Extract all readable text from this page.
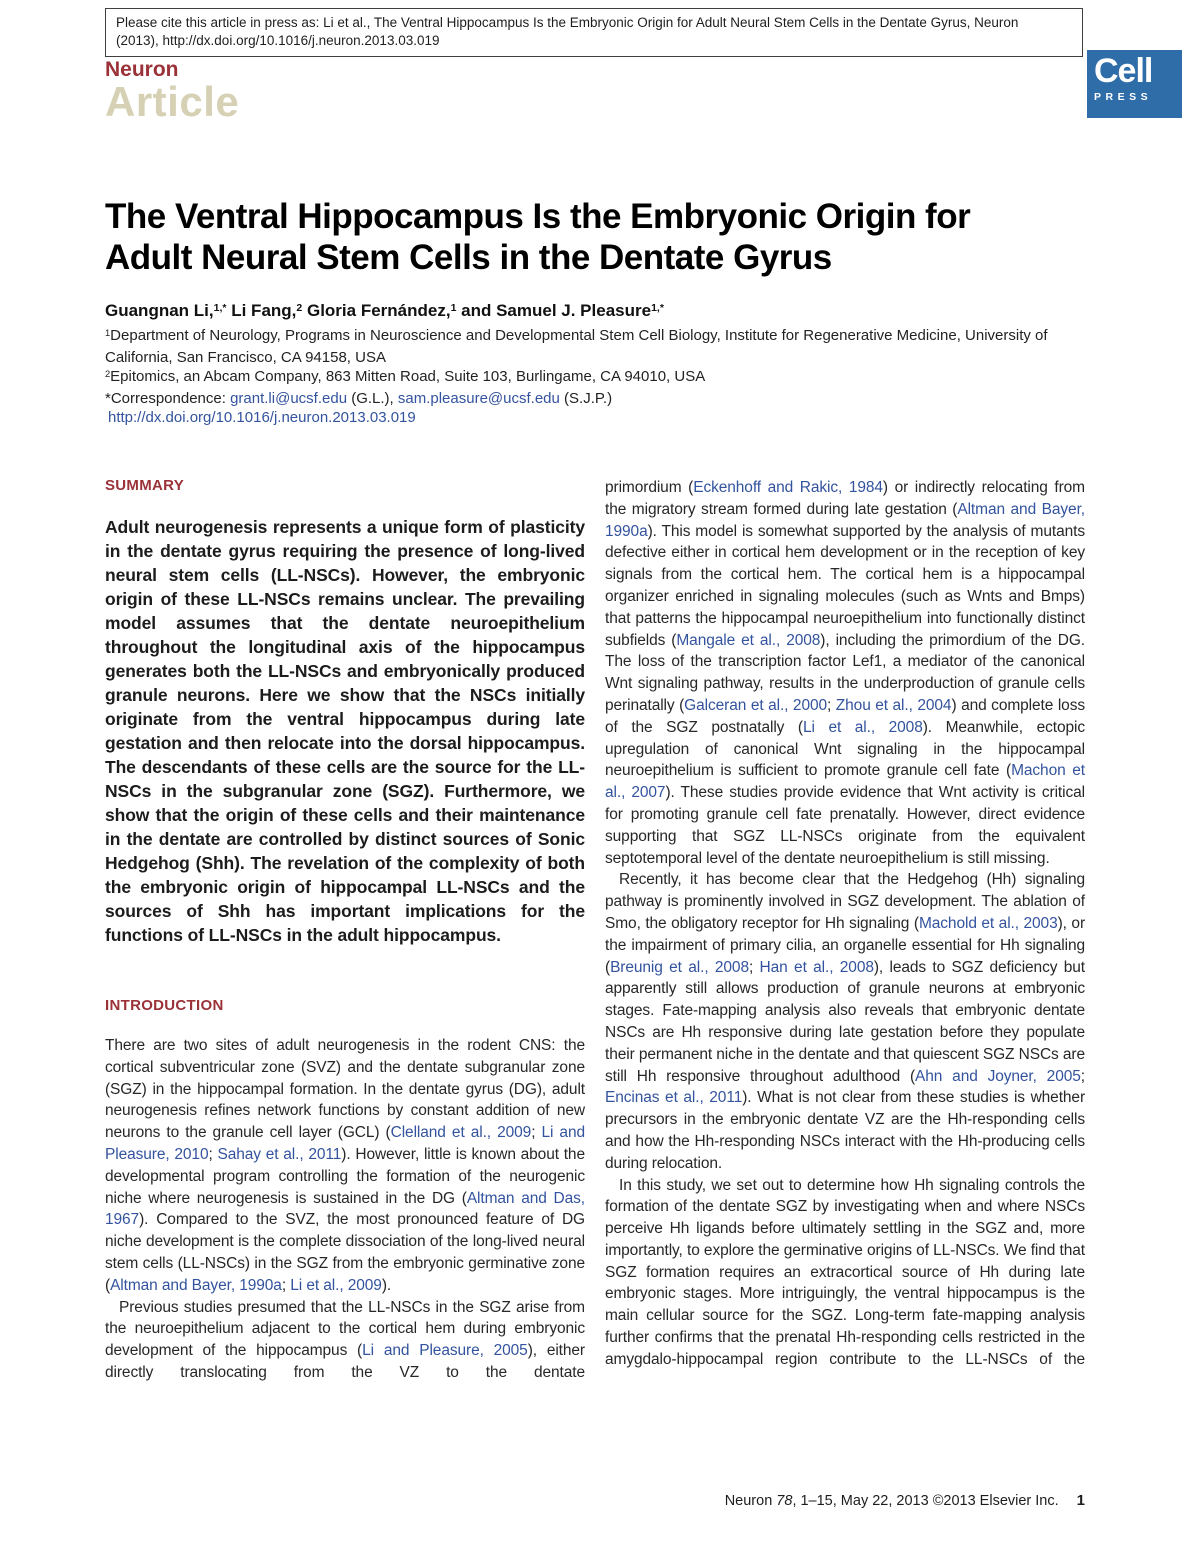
Please cite this article in press as: Li et al., The Ventral Hippocampus Is the Embryonic Origin for Adult Neural Stem Cells in the Dentate Gyrus, Neuron (2013), http://dx.doi.org/10.1016/j.neuron.2013.03.019
Neuron
Article
Cell
PRESS
The Ventral Hippocampus Is the Embryonic Origin for Adult Neural Stem Cells in the Dentate Gyrus
Guangnan Li,$^{1,*}$ Li Fang,$^2$ Gloria Fernández,$^1$ and Samuel J. Pleasure$^{1,*}$
$^1$Department of Neurology, Programs in Neuroscience and Developmental Stem Cell Biology, Institute for Regenerative Medicine, University of California, San Francisco, CA 94158, USA
$^2$Epitomics, an Abcam Company, 863 Mitten Road, Suite 103, Burlingame, CA 94010, USA
*Correspondence: grant.li@ucsf.edu (G.L.), sam.pleasure@ucsf.edu (S.J.P.)
http://dx.doi.org/10.1016/j.neuron.2013.03.019
SUMMARY

Adult neurogenesis represents a unique form of plasticity in the dentate gyrus requiring the presence of long-lived neural stem cells (LL-NSCs). However, the embryonic origin of these LL-NSCs remains unclear. The prevailing model assumes that the dentate neuroepithelium throughout the longitudinal axis of the hippocampus generates both the LL-NSCs and embryonically produced granule neurons. Here we show that the NSCs initially originate from the ventral hippocampus during late gestation and then relocate into the dorsal hippocampus. The descendants of these cells are the source for the LL-NSCs in the subgranular zone (SGZ). Furthermore, we show that the origin of these cells and their maintenance in the dentate are controlled by distinct sources of Sonic Hedgehog (Shh). The revelation of the complexity of both the embryonic origin of hippocampal LL-NSCs and the sources of Shh has important implications for the functions of LL-NSCs in the adult hippocampus.

INTRODUCTION

There are two sites of adult neurogenesis in the rodent CNS: the cortical subventricular zone (SVZ) and the dentate subgranular zone (SGZ) in the hippocampal formation. In the dentate gyrus (DG), adult neurogenesis refines network functions by constant addition of new neurons to the granule cell layer (GCL) (Clelland et al., 2009; Li and Pleasure, 2010; Sahay et al., 2011). However, little is known about the developmental program controlling the formation of the neurogenic niche where neurogenesis is sustained in the DG (Altman and Das, 1967). Compared to the SVZ, the most pronounced feature of DG niche development is the complete dissociation of the long-lived neural stem cells (LL-NSCs) in the SGZ from the embryonic germinative zone (Altman and Bayer, 1990a; Li et al., 2009).

Previous studies presumed that the LL-NSCs in the SGZ arise from the neuroepithelium adjacent to the cortical hem during embryonic development of the hippocampus (Li and Pleasure, 2005), either directly translocating from the VZ to the dentate

primordium (Eckenhoff and Rakic, 1984) or indirectly relocating from the migratory stream formed during late gestation (Altman and Bayer, 1990a). This model is somewhat supported by the analysis of mutants defective either in cortical hem development or in the reception of key signals from the cortical hem. The cortical hem is a hippocampal organizer enriched in signaling molecules (such as Wnts and Bmps) that patterns the hippocampal neuroepithelium into functionally distinct subfields (Mangale et al., 2008), including the primordium of the DG. The loss of the transcription factor Lef1, a mediator of the canonical Wnt signaling pathway, results in the underproduction of granule cells perinatally (Galceran et al., 2000; Zhou et al., 2004) and complete loss of the SGZ postnatally (Li et al., 2008). Meanwhile, ectopic upregulation of canonical Wnt signaling in the hippocampal neuroepithelium is sufficient to promote granule cell fate (Machon et al., 2007). These studies provide evidence that Wnt activity is critical for promoting granule cell fate prenatally. However, direct evidence supporting that SGZ LL-NSCs originate from the equivalent septotemporal level of the dentate neuroepithelium is still missing.

Recently, it has become clear that the Hedgehog (Hh) signaling pathway is prominently involved in SGZ development. The ablation of Smo, the obligatory receptor for Hh signaling (Machold et al., 2003), or the impairment of primary cilia, an organelle essential for Hh signaling (Breunig et al., 2008; Han et al., 2008), leads to SGZ deficiency but apparently still allows production of granule neurons at embryonic stages. Fate-mapping analysis also reveals that embryonic dentate NSCs are Hh responsive during late gestation before they populate their permanent niche in the dentate and that quiescent SGZ NSCs are still Hh responsive throughout adulthood (Ahn and Joyner, 2005; Encinas et al., 2011). What is not clear from these studies is whether precursors in the embryonic dentate VZ are the Hh-responding cells and how the Hh-responding NSCs interact with the Hh-producing cells during relocation.

In this study, we set out to determine how Hh signaling controls the formation of the dentate SGZ by investigating when and where NSCs perceive Hh ligands before ultimately settling in the SGZ and, more importantly, to explore the germinative origins of LL-NSCs. We find that SGZ formation requires an extracortical source of Hh during late embryonic stages. More intriguingly, the ventral hippocampus is the main cellular source for the SGZ. Long-term fate-mapping analysis further confirms that the prenatal Hh-responding cells restricted in the amygdalo-hippocampal region contribute to the LL-NSCs of the

Neuron 78, 1–15, May 22, 2013 ©2013 Elsevier Inc. 1
